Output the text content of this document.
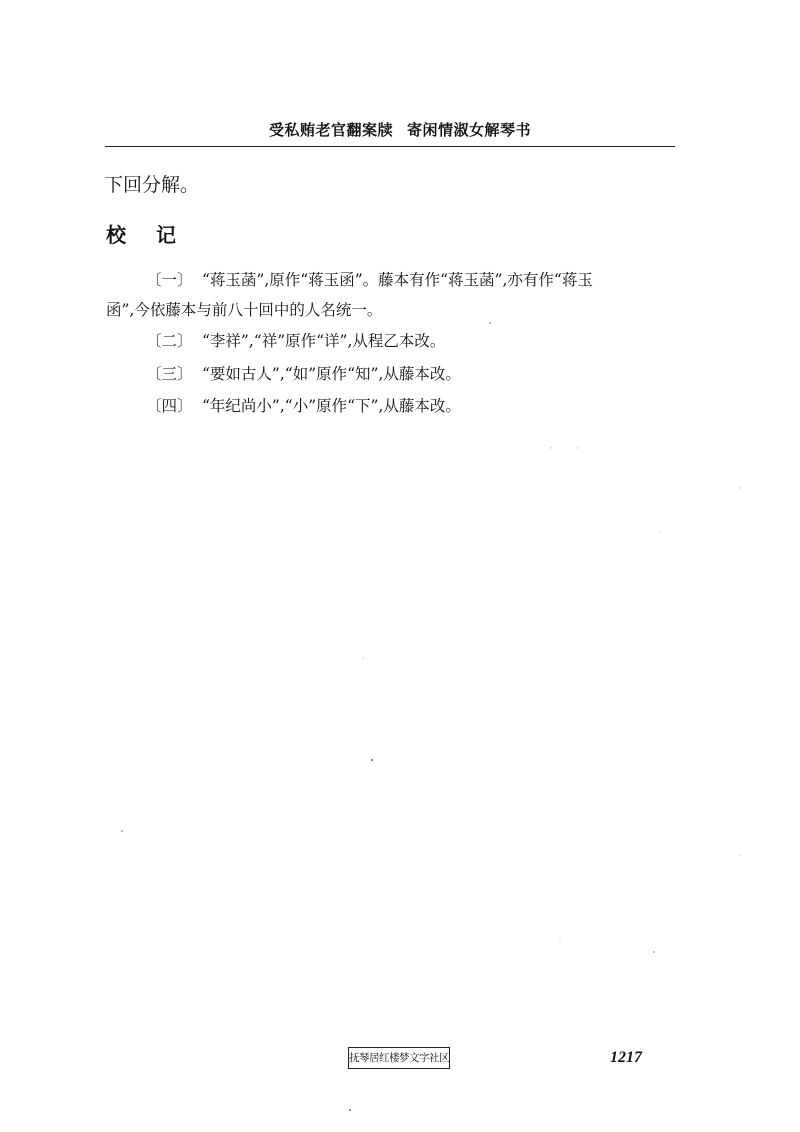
受私贿老官翻案牍 寄闲情淑女解琴书
下回分解。
校记
〔一〕 “蒋玉菡”,原作“蒋玉函”。藤本有作“蒋玉菡”,亦有作“蒋玉
函”,今依藤本与前八十回中的人名统一。
〔二〕 “李祥”,“祥”原作“详”,从程乙本改。
〔三〕 “要如古人”,“如”原作“知”,从藤本改。
〔四〕 “年纪尚小”,“小”原作“下”,从藤本改。
抚琴居红楼梦文字社区	1217
